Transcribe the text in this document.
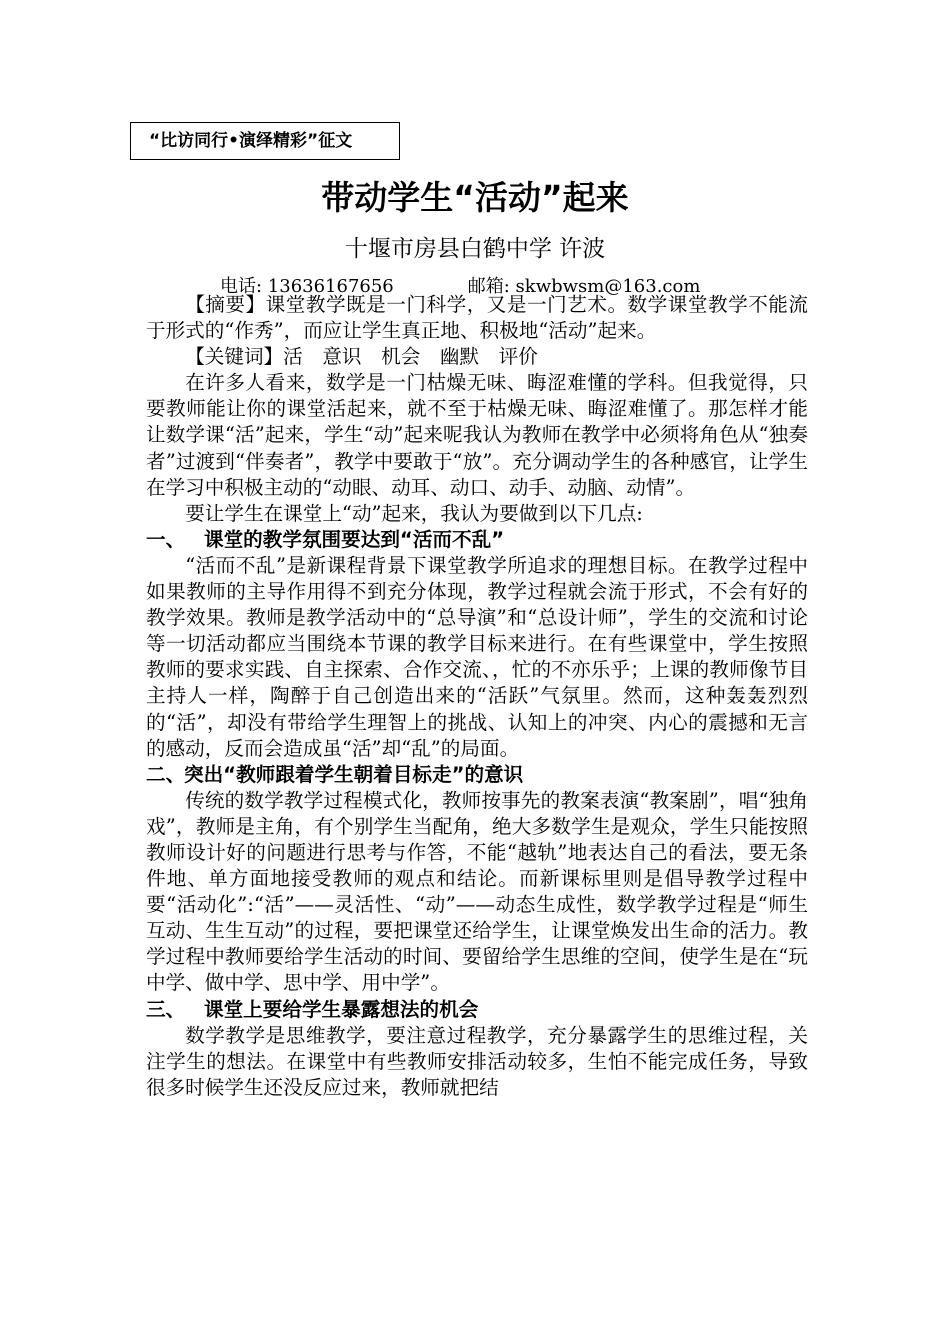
“比访同行•演绎精彩”征文
带动学生“活动”起来
十堰市房县白鹤中学 许波
电话: 13636167656	邮箱: skwbwsm@163.com

【摘要】课堂教学既是一门科学，又是一门艺术。数学课堂教学不能流于形式的“作秀”，而应让学生真正地、积极地“活动”起来。

【关键词】活　意识　机会　幽默　评价

在许多人看来，数学是一门枯燥无味、晦涩难懂的学科。但我觉得，只要教师能让你的课堂活起来，就不至于枯燥无味、晦涩难懂了。那怎样才能让数学课“活”起来，学生“动”起来呢我认为教师在教学中必须将角色从“独奏者”过渡到“伴奏者”，教学中要敢于“放”。充分调动学生的各种感官，让学生在学习中积极主动的“动眼、动耳、动口、动手、动脑、动情”。

要让学生在课堂上“动”起来，我认为要做到以下几点:

一、 课堂的教学氛围要达到“活而不乱”

“活而不乱”是新课程背景下课堂教学所追求的理想目标。在教学过程中如果教师的主导作用得不到充分体现，教学过程就会流于形式，不会有好的教学效果。教师是教学活动中的“总导演”和“总设计师”，学生的交流和讨论等一切活动都应当围绕本节课的教学目标来进行。在有些课堂中，学生按照教师的要求实践、自主探索、合作交流、，忙的不亦乐乎；上课的教师像节目主持人一样，陶醉于自己创造出来的“活跃”气氛里。然而，这种轰轰烈烈的“活”，却没有带给学生理智上的挑战、认知上的冲突、内心的震撼和无言的感动，反而会造成虽“活”却“乱”的局面。

二、突出“教师跟着学生朝着目标走”的意识

传统的数学教学过程模式化，教师按事先的教案表演“教案剧”，唱“独角戏”，教师是主角，有个别学生当配角，绝大多数学生是观众，学生只能按照教师设计好的问题进行思考与作答，不能“越轨”地表达自己的看法，要无条件地、单方面地接受教师的观点和结论。而新课标里则是倡导教学过程中要“活动化”:“活”——灵活性、“动”——动态生成性，数学教学过程是“师生互动、生生互动”的过程，要把课堂还给学生，让课堂焕发出生命的活力。教学过程中教师要给学生活动的时间、要留给学生思维的空间，使学生是在“玩中学、做中学、思中学、用中学”。

三、 课堂上要给学生暴露想法的机会

数学教学是思维教学，要注意过程教学，充分暴露学生的思维过程，关注学生的想法。在课堂中有些教师安排活动较多，生怕不能完成任务，导致很多时候学生还没反应过来，教师就把结
